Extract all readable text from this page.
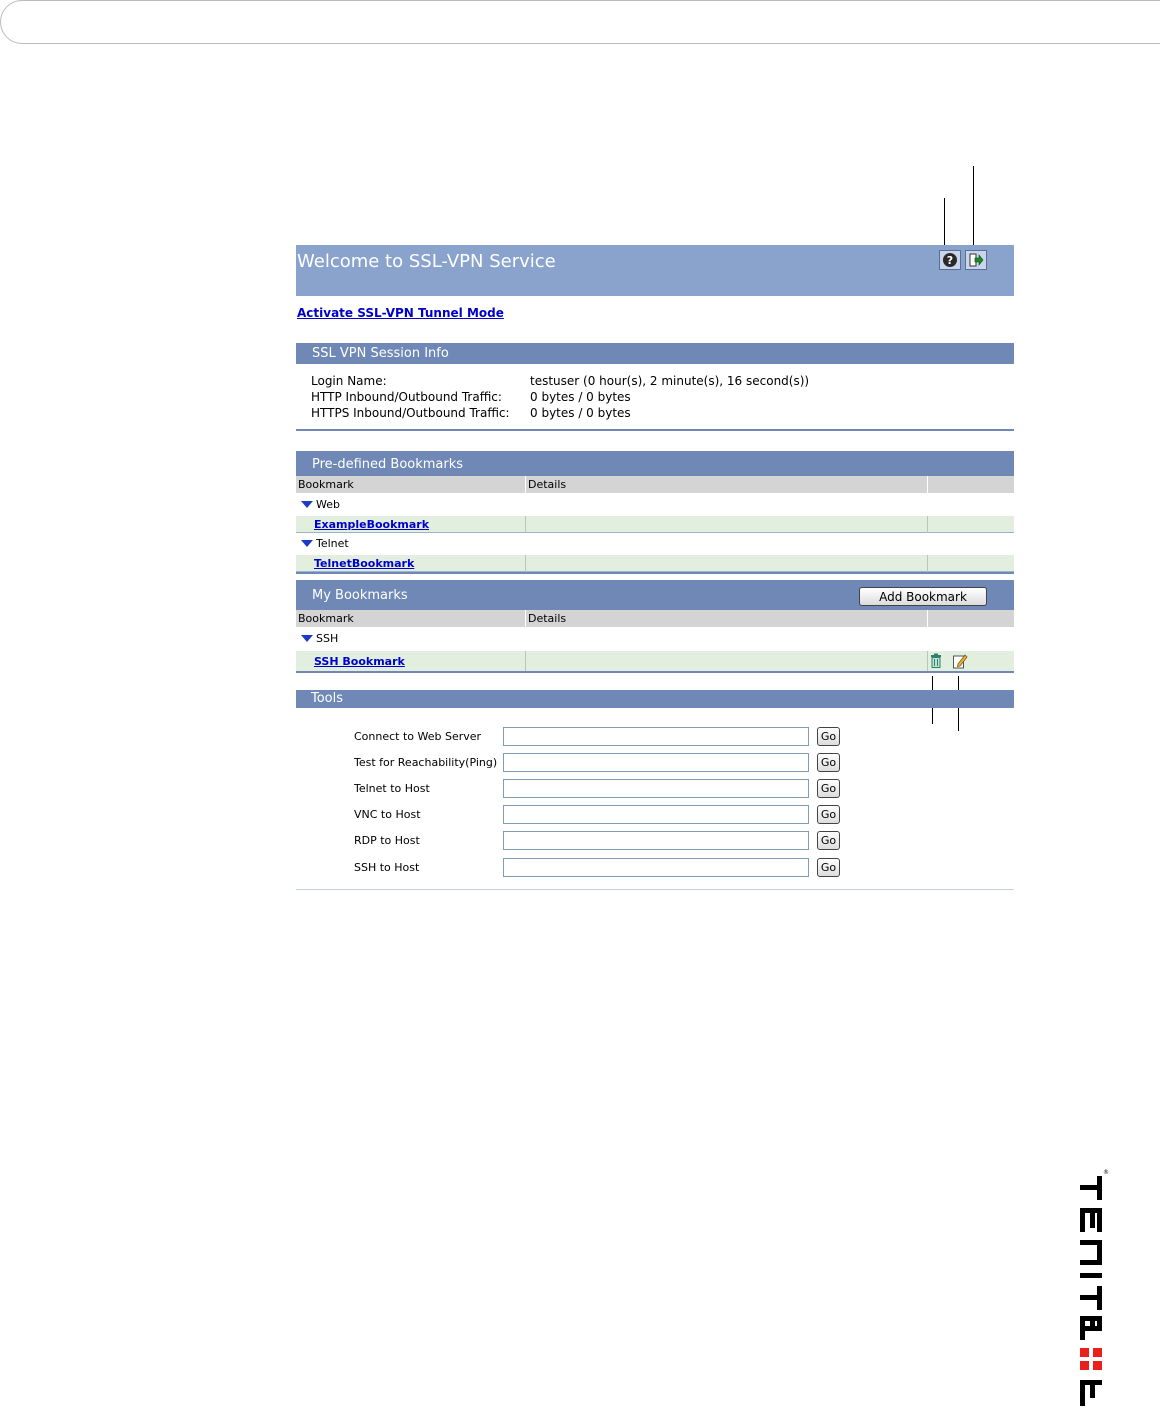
Welcome to SSL-VPN Service	?
Activate SSL-VPN Tunnel Mode
SSL VPN Session Info
Login Name:	testuser (0 hour(s), 2 minute(s), 16 second(s))
HTTP Inbound/Outbound Traffic: 0 bytes / 0 bytes
HTTPS Inbound/Outbound Traffic: 0 bytes / 0 bytes
Pre-defined Bookmarks
Bookmark	Details
Web
ExampleBookmark
Telnet
TelnetBookmark
My Bookmarks	Add Bookmark
Bookmark	Details
SSH
SSH Bookmark
Tools
Connect to Web Server	Go
Test for Reachability(Ping)	Go
Telnet to Host	Go
VNC to Host	Go
RDP to Host	Go
SSH to Host	Go
®
